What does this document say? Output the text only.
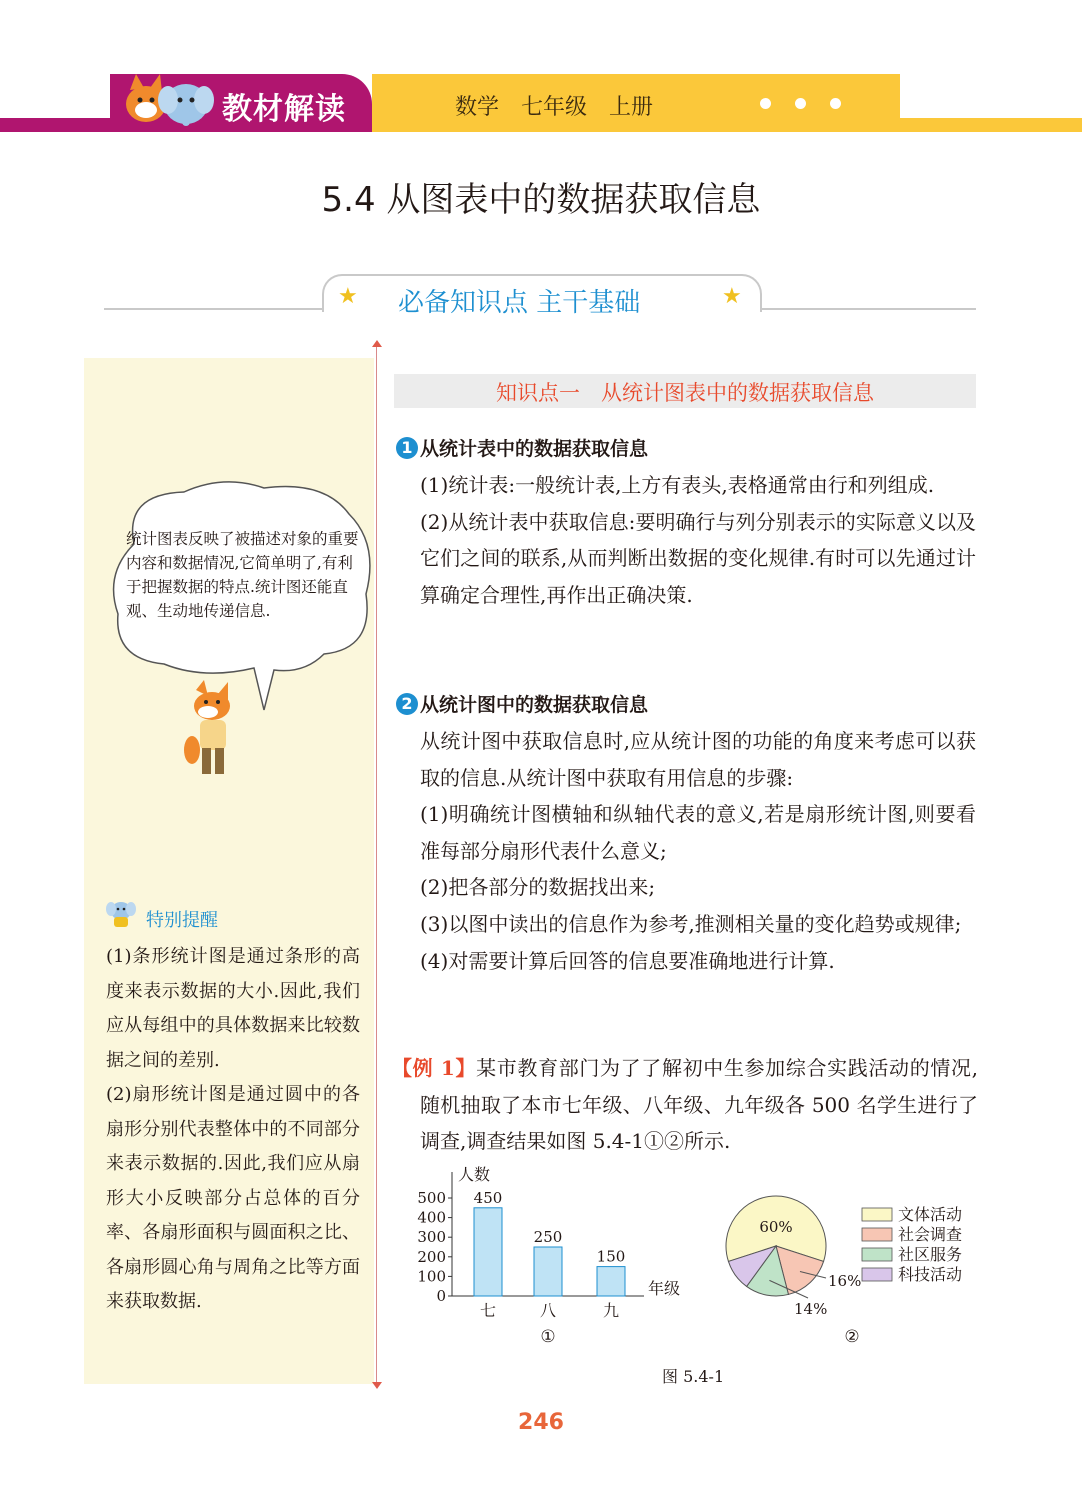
教材解读	数学　七年级　上册
5.4 从图表中的数据获取信息
★	★
必备知识点 主干基础
统计图表反映了被描述对象的重要内容和数据情况,它简单明了,有利于把握数据的特点.统计图还能直观、生动地传递信息.
特别提醒

(1)条形统计图是通过条形的高度来表示数据的大小.因此,我们应从每组中的具体数据来比较数据之间的差别.

(2)扇形统计图是通过圆中的各扇形分别代表整体中的不同部分来表示数据的.因此,我们应从扇形大小反映部分占总体的百分率、各扇形面积与圆面积之比、各扇形圆心角与周角之比等方面来获取数据.

知识点一　从统计图表中的数据获取信息
1 从统计表中的数据获取信息

(1)统计表:一般统计表,上方有表头,表格通常由行和列组成.

(2)从统计表中获取信息:要明确行与列分别表示的实际意义以及它们之间的联系,从而判断出数据的变化规律.有时可以先通过计算确定合理性,再作出正确决策.

2 从统计图中的数据获取信息

从统计图中获取信息时,应从统计图的功能的角度来考虑可以获取的信息.从统计图中获取有用信息的步骤:

(1)明确统计图横轴和纵轴代表的意义,若是扇形统计图,则要看准每部分扇形代表什么意义;

(2)把各部分的数据找出来;

(3)以图中读出的信息作为参考,推测相关量的变化趋势或规律;

(4)对需要计算后回答的信息要准确地进行计算.

【例 1】某市教育部门为了了解初中生参加综合实践活动的情况,随机抽取了本市七年级、八年级、九年级各 500 名学生进行了调查,调查结果如图 5.4-1①②所示.

人数
年级
0
100
200
300
400
500 450
七
250
八
150
九
①
60%
16%
14%
文体活动
社会调查
社区服务
科技活动
②
图 5.4-1
246
